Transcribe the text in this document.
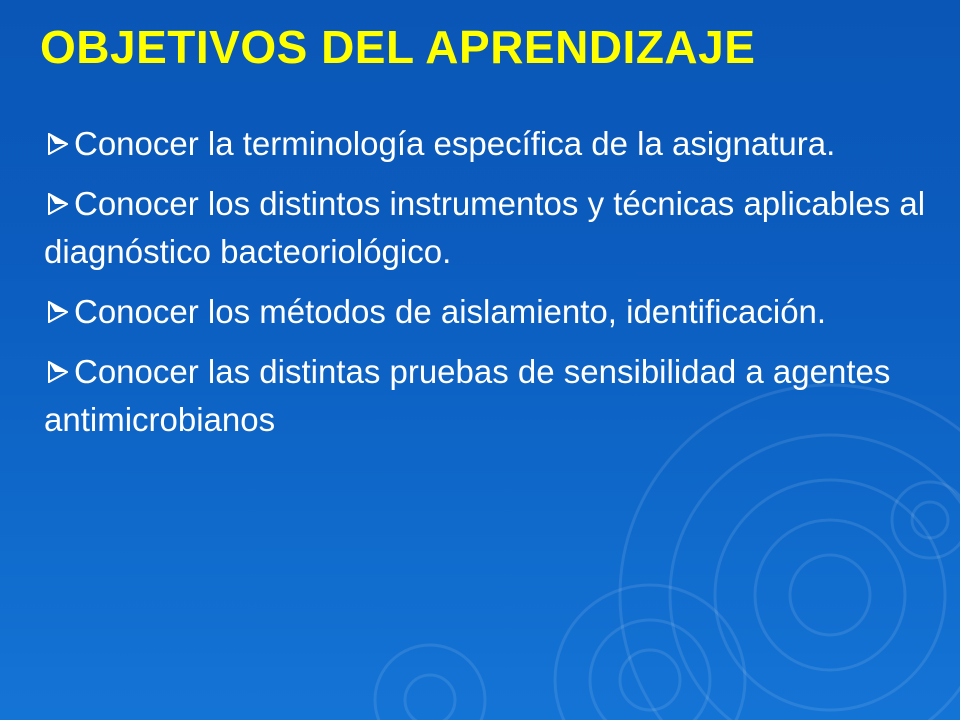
OBJETIVOS DEL APRENDIZAJE
Conocer la terminología específica de la asignatura.
Conocer los distintos instrumentos y técnicas aplicables al diagnóstico bacteoriológico.
Conocer los métodos de aislamiento, identificación.
Conocer las distintas pruebas de sensibilidad a agentes antimicrobianos
